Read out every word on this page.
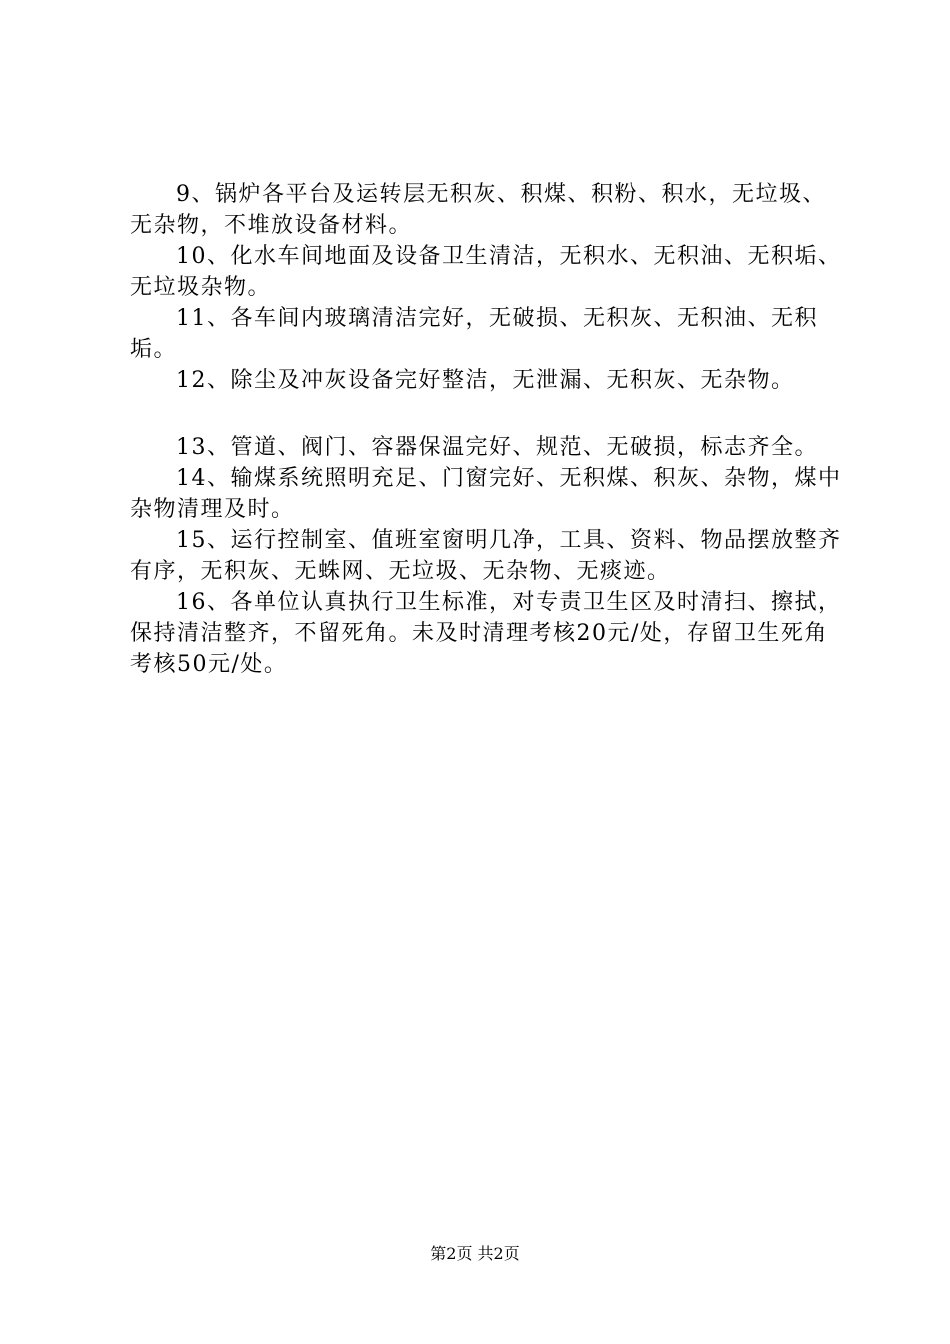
9、锅炉各平台及运转层无积灰、积煤、积粉、积水，无垃圾、无杂物，不堆放设备材料。

10、化水车间地面及设备卫生清洁，无积水、无积油、无积垢、无垃圾杂物。

11、各车间内玻璃清洁完好，无破损、无积灰、无积油、无积垢。

12、除尘及冲灰设备完好整洁，无泄漏、无积灰、无杂物。

13、管道、阀门、容器保温完好、规范、无破损，标志齐全。

14、输煤系统照明充足、门窗完好、无积煤、积灰、杂物，煤中杂物清理及时。

15、运行控制室、值班室窗明几净，工具、资料、物品摆放整齐有序，无积灰、无蛛网、无垃圾、无杂物、无痰迹。

16、各单位认真执行卫生标准，对专责卫生区及时清扫、擦拭，保持清洁整齐，不留死角。未及时清理考核20元/处，存留卫生死角考核50元/处。

第2页 共2页
